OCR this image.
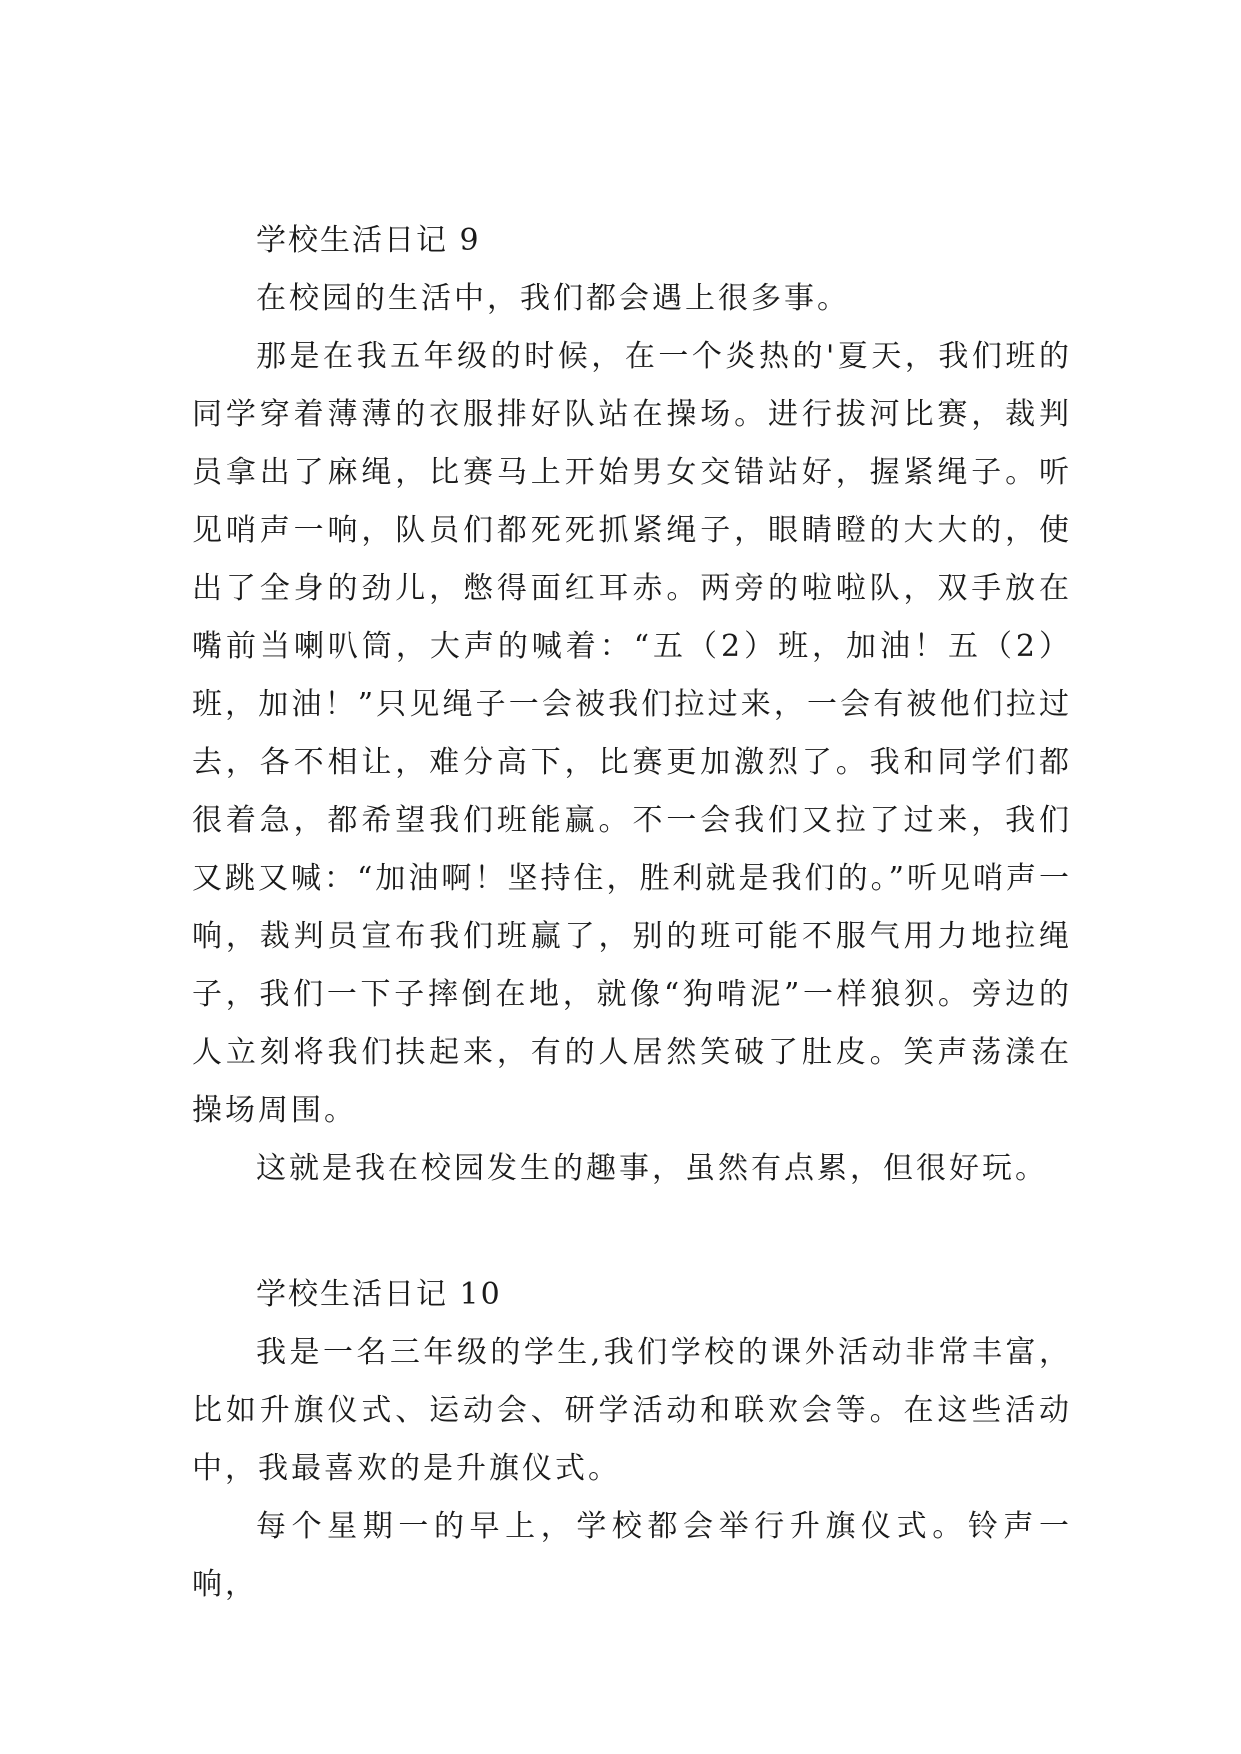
学校生活日记 9

在校园的生活中，我们都会遇上很多事。

那是在我五年级的时候，在一个炎热的'夏天，我们班的同学穿着薄薄的衣服排好队站在操场。进行拔河比赛，裁判员拿出了麻绳，比赛马上开始男女交错站好，握紧绳子。听见哨声一响，队员们都死死抓紧绳子，眼睛瞪的大大的，使出了全身的劲儿，憋得面红耳赤。两旁的啦啦队，双手放在嘴前当喇叭筒，大声的喊着：“五（2）班，加油！五（2）班，加油！”只见绳子一会被我们拉过来，一会有被他们拉过去，各不相让，难分高下，比赛更加激烈了。我和同学们都很着急，都希望我们班能赢。不一会我们又拉了过来，我们又跳又喊：“加油啊！坚持住，胜利就是我们的。”听见哨声一响，裁判员宣布我们班赢了，别的班可能不服气用力地拉绳子，我们一下子摔倒在地，就像“狗啃泥”一样狼狈。旁边的人立刻将我们扶起来，有的人居然笑破了肚皮。笑声荡漾在操场周围。

这就是我在校园发生的趣事，虽然有点累，但很好玩。

学校生活日记 10

我是一名三年级的学生,我们学校的课外活动非常丰富，比如升旗仪式、运动会、研学活动和联欢会等。在这些活动中，我最喜欢的是升旗仪式。

每个星期一的早上，学校都会举行升旗仪式。铃声一响，
